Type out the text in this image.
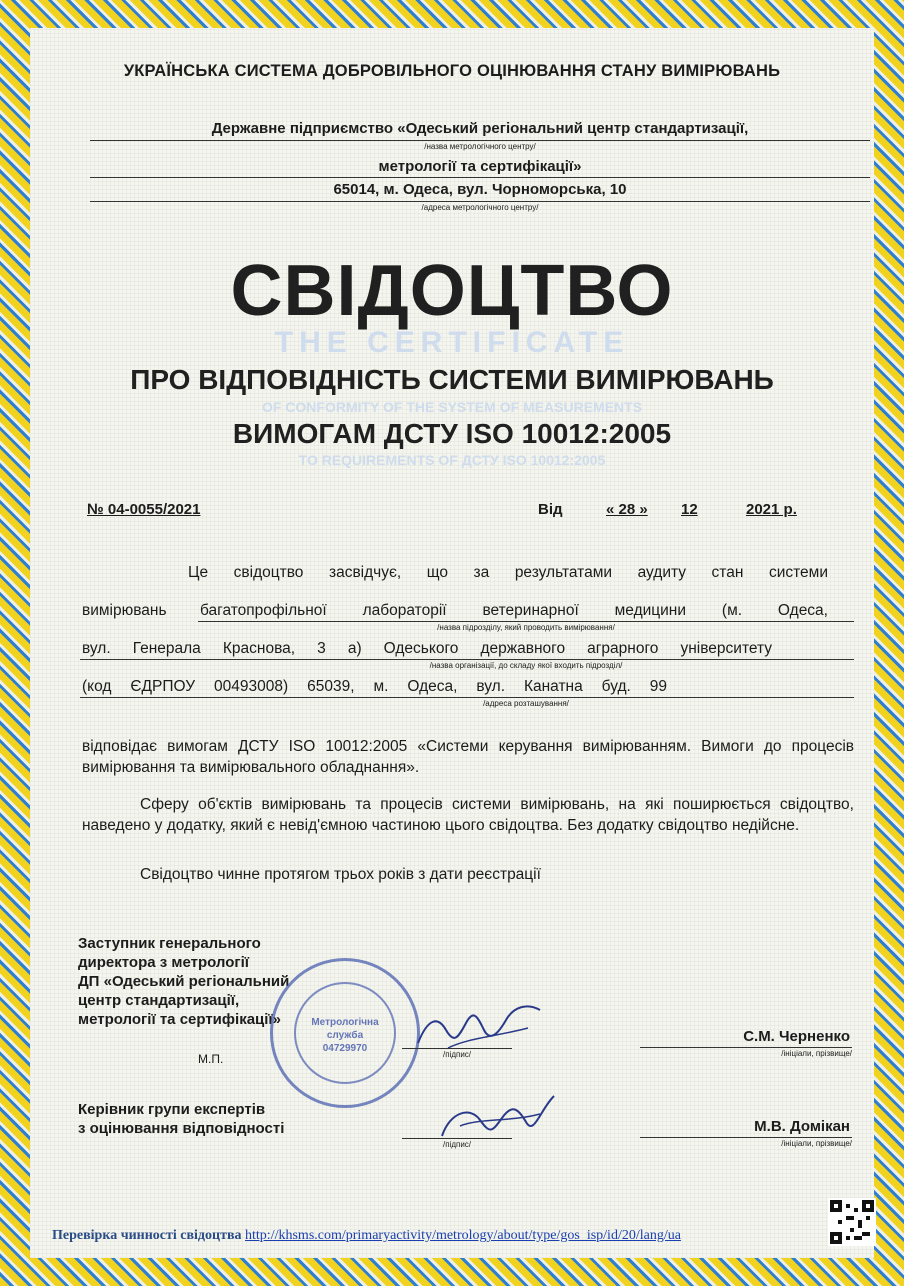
УКРАЇНСЬКА СИСТЕМА ДОБРОВІЛЬНОГО ОЦІНЮВАННЯ СТАНУ ВИМІРЮВАНЬ
Державне підприємство «Одеський регіональний центр стандартизації,
/назва метрологічного центру/
метрології та сертифікації»
65014, м. Одеса, вул. Чорноморська, 10
/адреса метрологічного центру/
СВІДОЦТВО
THE CERTIFICATE
ПРО ВІДПОВІДНІСТЬ СИСТЕМИ ВИМІРЮВАНЬ
OF CONFORMITY OF THE SYSTEM OF MEASUREMENTS
ВИМОГАМ ДСТУ ISO 10012:2005
TO REQUIREMENTS OF ДСТУ ISO 10012:2005
№ 04-0055/2021	Від	« 28 » 12	2021 р.
Це свідоцтво засвідчує, що за результатами аудиту стан системи
вимірювань багатопрофільної лабораторії ветеринарної медицини (м. Одеса,
/назва підрозділу, який проводить вимірювання/
вул. Генерала Краснова, 3 а) Одеського державного аграрного університету
/назва організації, до складу якої входить підрозділ/
(код ЄДРПОУ 00493008) 65039, м. Одеса, вул. Канатна буд. 99
/адреса розташування/
відповідає вимогам ДСТУ ISO 10012:2005 «Системи керування вимірюванням. Вимоги до процесів вимірювання та вимірювального обладнання».
Сферу об'єктів вимірювань та процесів системи вимірювань, на які поширюється свідоцтво, наведено у додатку, який є невід'ємною частиною цього свідоцтва. Без додатку свідоцтво недійсне.
Свідоцтво чинне протягом трьох років з дати реєстрації
Заступник генерального
директора з метрології
ДП «Одеський регіональний
центр стандартизації,
метрології та сертифікації»
М.П.
Метрологічна
служба
04729970
/підпис/
С.М. Черненко
/ініціали, прізвище/
Керівник групи експертів
з оцінювання відповідності
/підпис/
М.В. Домікан
/ініціали, прізвище/
Перевірка чинності свідоцтва http://khsms.com/primaryactivity/metrology/about/type/gos_isp/id/20/lang/ua
